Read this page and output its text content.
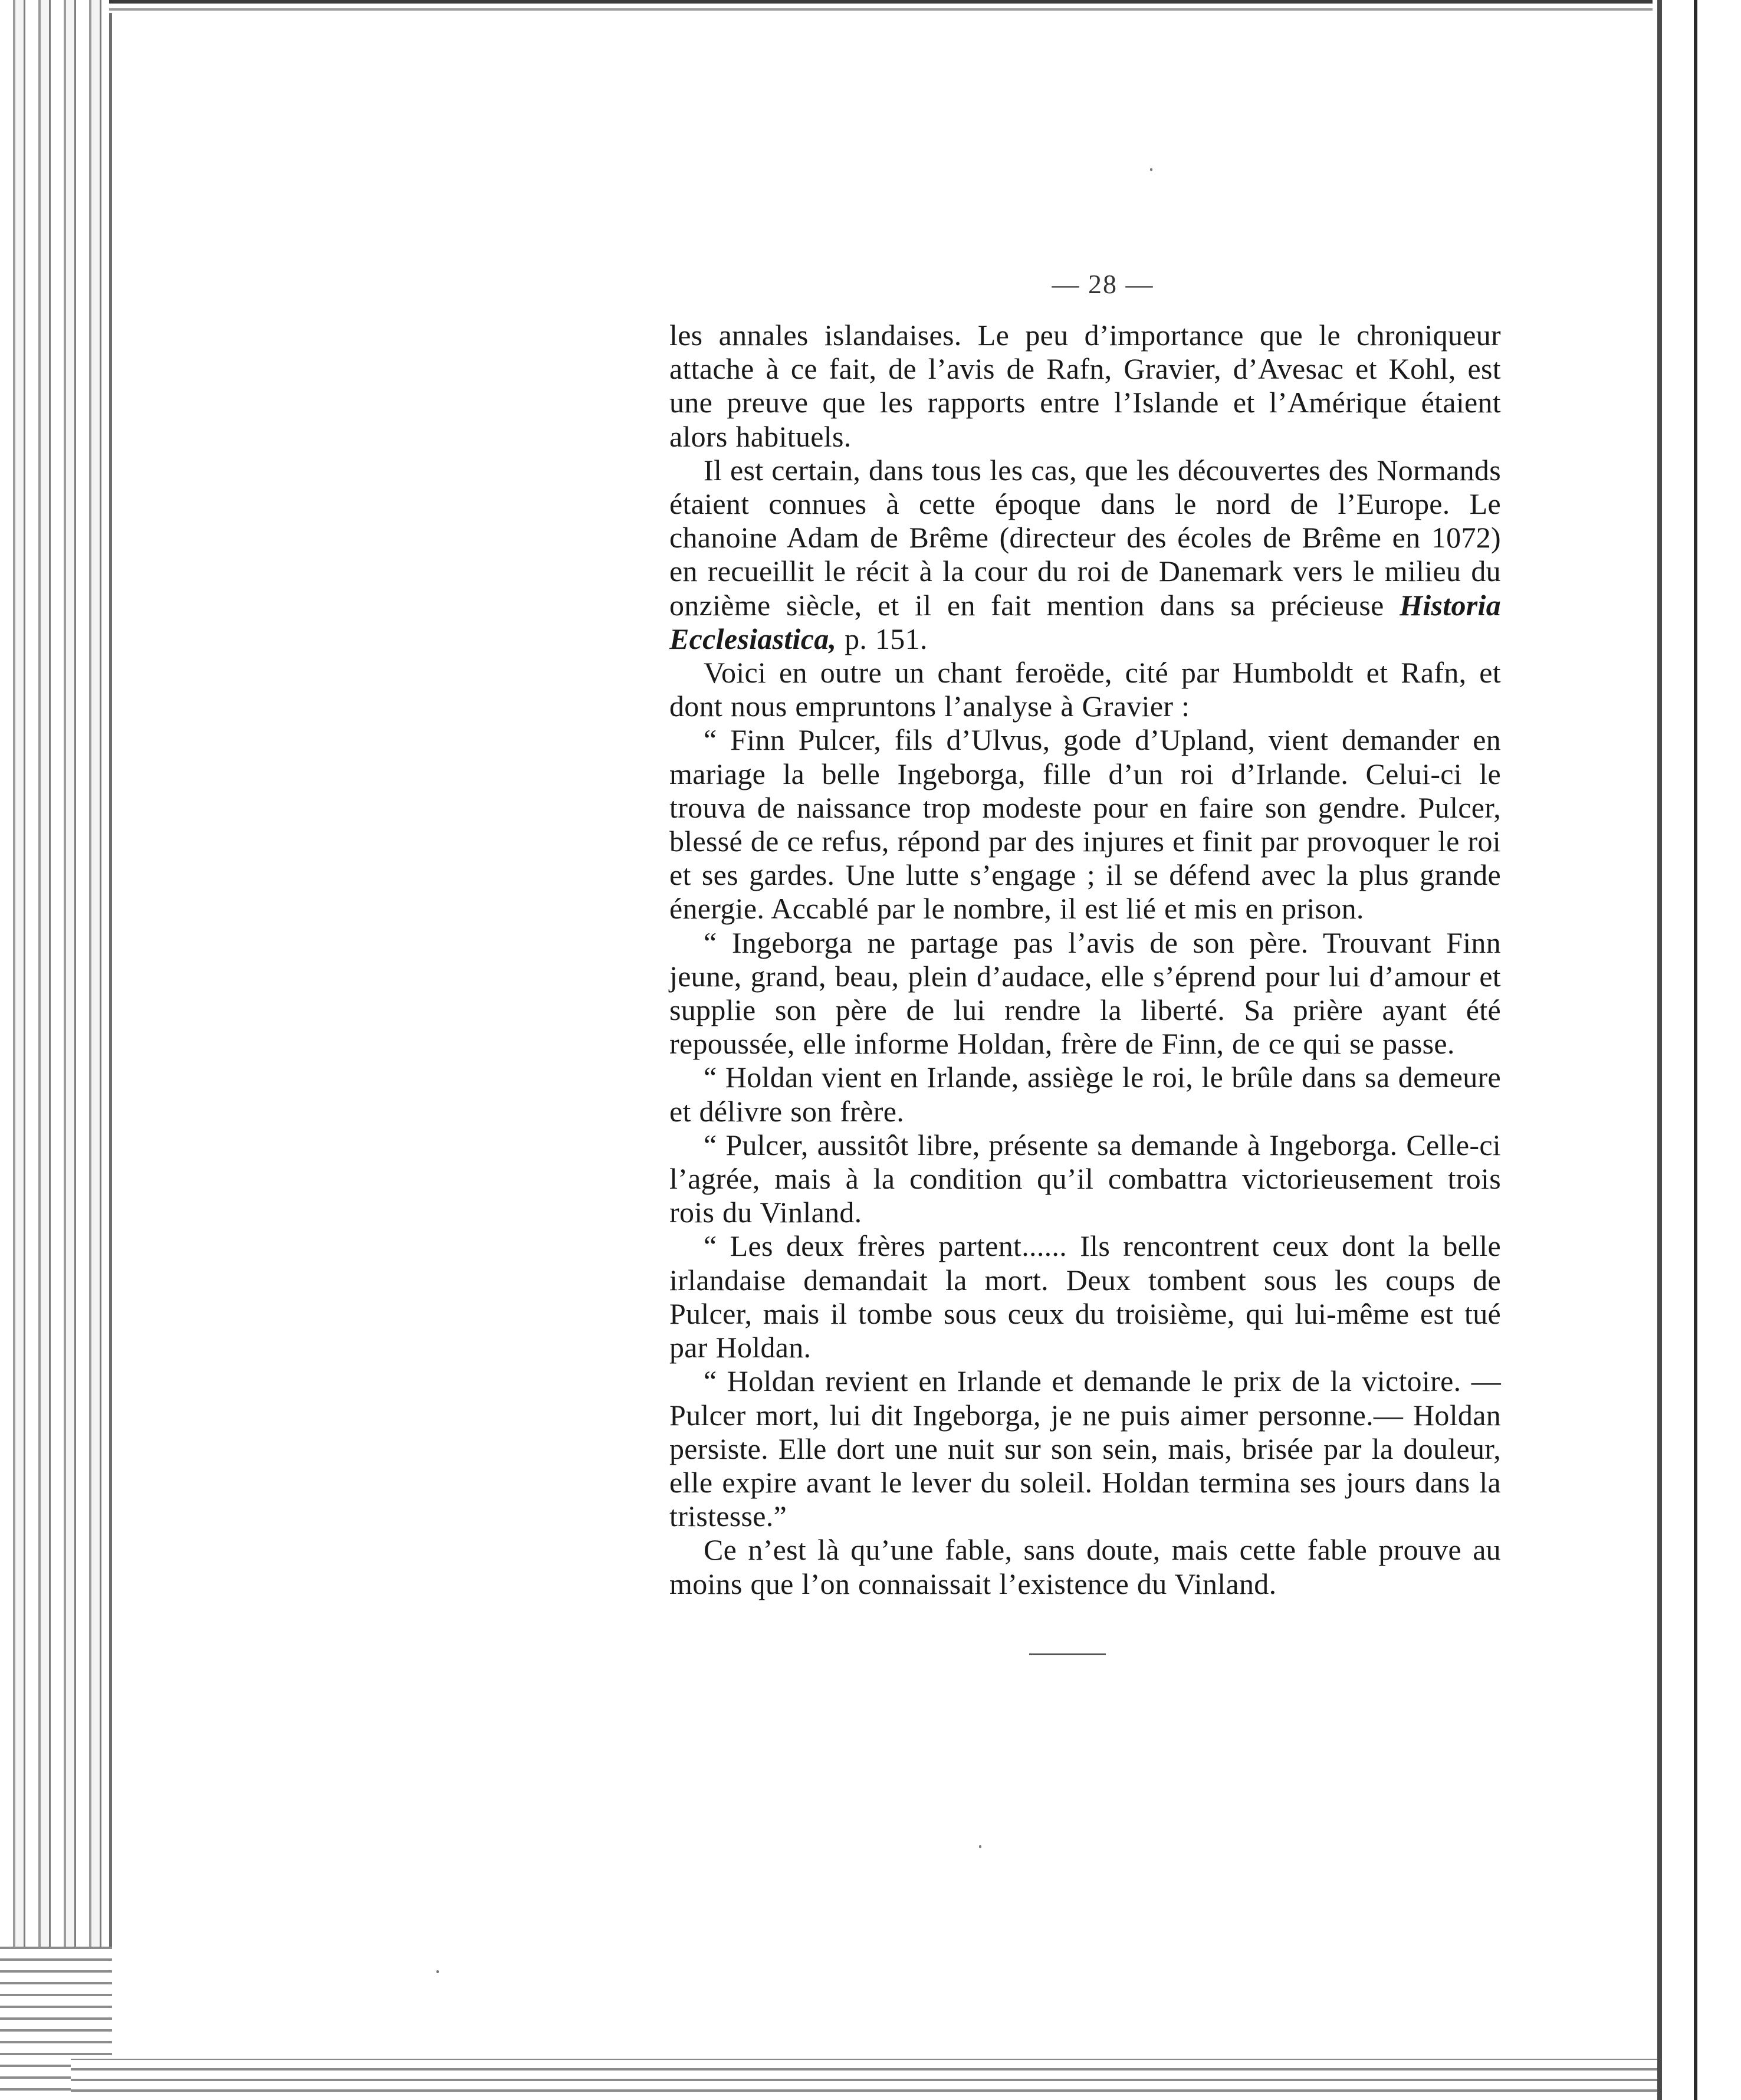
— 28 —

les annales islandaises. Le peu d’importance que le chroniqueur attache à ce fait, de l’avis de Rafn, Gravier, d’Avesac et Kohl, est une preuve que les rapports entre l’Islande et l’Amérique étaient alors habituels.

Il est certain, dans tous les cas, que les découvertes des Normands étaient connues à cette époque dans le nord de l’Europe. Le chanoine Adam de Brême (directeur des écoles de Brême en 1072) en recueillit le récit à la cour du roi de Danemark vers le milieu du onzième siècle, et il en fait mention dans sa précieuse Historia Ecclesiastica, p. 151.

Voici en outre un chant feroëde, cité par Humboldt et Rafn, et dont nous empruntons l’analyse à Gravier :

“ Finn Pulcer, fils d’Ulvus, gode d’Upland, vient demander en mariage la belle Ingeborga, fille d’un roi d’Irlande. Celui-ci le trouva de naissance trop modeste pour en faire son gendre. Pulcer, blessé de ce refus, répond par des injures et finit par provoquer le roi et ses gardes. Une lutte s’engage ; il se défend avec la plus grande énergie. Accablé par le nombre, il est lié et mis en prison.

“ Ingeborga ne partage pas l’avis de son père. Trouvant Finn jeune, grand, beau, plein d’audace, elle s’éprend pour lui d’amour et supplie son père de lui rendre la liberté. Sa prière ayant été repoussée, elle informe Holdan, frère de Finn, de ce qui se passe.

“ Holdan vient en Irlande, assiège le roi, le brûle dans sa demeure et délivre son frère.

“ Pulcer, aussitôt libre, présente sa demande à Ingeborga. Celle-ci l’agrée, mais à la condition qu’il combattra victorieusement trois rois du Vinland.

“ Les deux frères partent...... Ils rencontrent ceux dont la belle irlandaise demandait la mort. Deux tombent sous les coups de Pulcer, mais il tombe sous ceux du troisième, qui lui-même est tué par Holdan.

“ Holdan revient en Irlande et demande le prix de la victoire. —Pulcer mort, lui dit Ingeborga, je ne puis aimer personne.— Holdan persiste. Elle dort une nuit sur son sein, mais, brisée par la douleur, elle expire avant le lever du soleil. Holdan termina ses jours dans la tristesse.”

Ce n’est là qu’une fable, sans doute, mais cette fable prouve au moins que l’on connaissait l’existence du Vinland.
